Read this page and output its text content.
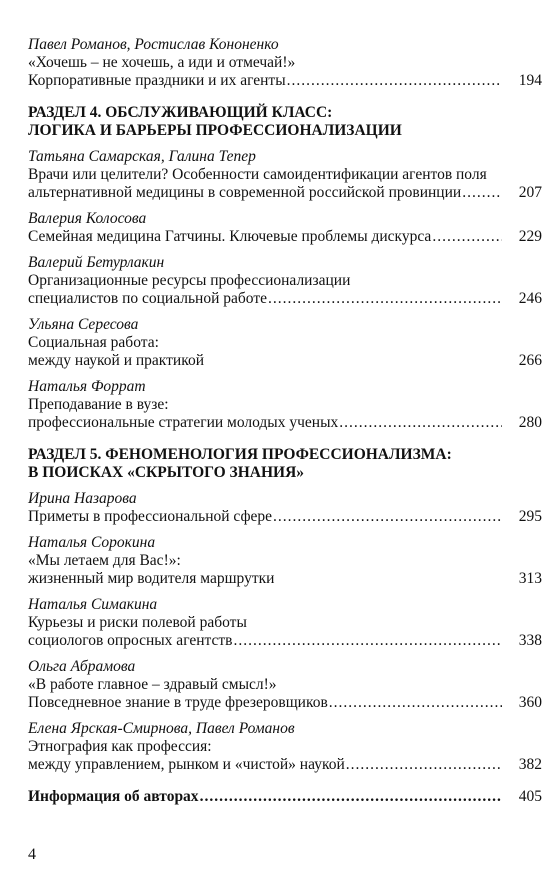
Павел Романов, Ростислав Кононенко
«Хочешь – не хочешь, а иди и отмечай!»
Корпоративные праздники и их агенты .....	194
РАЗДЕЛ 4. ОБСЛУЖИВАЮЩИЙ КЛАСС:
ЛОГИКА И БАРЬЕРЫ ПРОФЕССИОНАЛИЗАЦИИ
Татьяна Самарская, Галина Тепер
Врачи или целители? Особенности самоидентификации агентов поля
альтернативной медицины в современной российской провинции .....	207
Валерия Колосова
Семейная медицина Гатчины. Ключевые проблемы дискурса .....	229
Валерий Бетурлакин
Организационные ресурсы профессионализации
специалистов по социальной работе .....	246
Ульяна Сересова
Социальная работа:
между наукой и практикой	266
Наталья Форрат
Преподавание в вузе:
профессиональные стратегии молодых ученых .....	280
РАЗДЕЛ 5. ФЕНОМЕНОЛОГИЯ ПРОФЕССИОНАЛИЗМА:
В ПОИСКАХ «СКРЫТОГО ЗНАНИЯ»
Ирина Назарова
Приметы в профессиональной сфере .....	295
Наталья Сорокина
«Мы летаем для Вас!»:
жизненный мир водителя маршрутки	313
Наталья Симакина
Курьезы и риски полевой работы
социологов опросных агентств .....	338
Ольга Абрамова
«В работе главное – здравый смысл!»
Повседневное знание в труде фрезеровщиков .....	360
Елена Ярская-Смирнова, Павел Романов
Этнография как профессия:
между управлением, рынком и «чистой» наукой .....	382
Информация об авторах .....	405
4
